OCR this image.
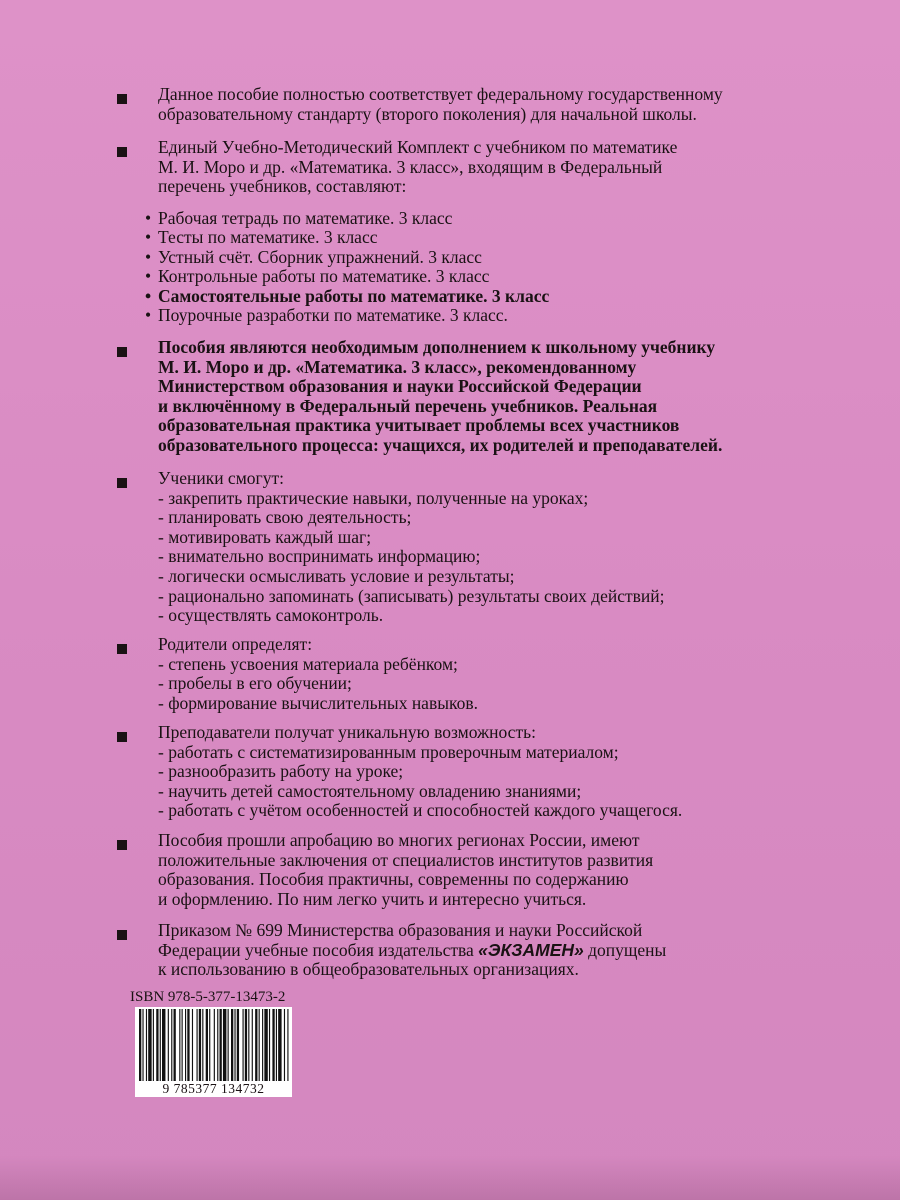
Данное пособие полностью соответствует федеральному государственному
образовательному стандарту (второго поколения) для начальной школы.
Единый Учебно-Методический Комплект с учебником по математике
М. И. Моро и др. «Математика. 3 класс», входящим в Федеральный
перечень учебников, составляют:
• Рабочая тетрадь по математике. 3 класс
• Тесты по математике. 3 класс
• Устный счёт. Сборник упражнений. 3 класс
• Контрольные работы по математике. 3 класс
• Самостоятельные работы по математике. 3 класс
• Поурочные разработки по математике. 3 класс.
Пособия являются необходимым дополнением к школьному учебнику
М. И. Моро и др. «Математика. 3 класс», рекомендованному
Министерством образования и науки Российской Федерации
и включённому в Федеральный перечень учебников. Реальная
образовательная практика учитывает проблемы всех участников
образовательного процесса: учащихся, их родителей и преподавателей.
Ученики смогут:
- закрепить практические навыки, полученные на уроках;
- планировать свою деятельность;
- мотивировать каждый шаг;
- внимательно воспринимать информацию;
- логически осмысливать условие и результаты;
- рационально запоминать (записывать) результаты своих действий;
- осуществлять самоконтроль.
Родители определят:
- степень усвоения материала ребёнком;
- пробелы в его обучении;
- формирование вычислительных навыков.
Преподаватели получат уникальную возможность:
- работать с систематизированным проверочным материалом;
- разнообразить работу на уроке;
- научить детей самостоятельному овладению знаниями;
- работать с учётом особенностей и способностей каждого учащегося.
Пособия прошли апробацию во многих регионах России, имеют
положительные заключения от специалистов институтов развития
образования. Пособия практичны, современны по содержанию
и оформлению. По ним легко учить и интересно учиться.
Приказом № 699 Министерства образования и науки Российской
Федерации учебные пособия издательства «ЭКЗАМЕН» допущены
к использованию в общеобразовательных организациях.
ISBN 978-5-377-13473-2
9 785377 134732
